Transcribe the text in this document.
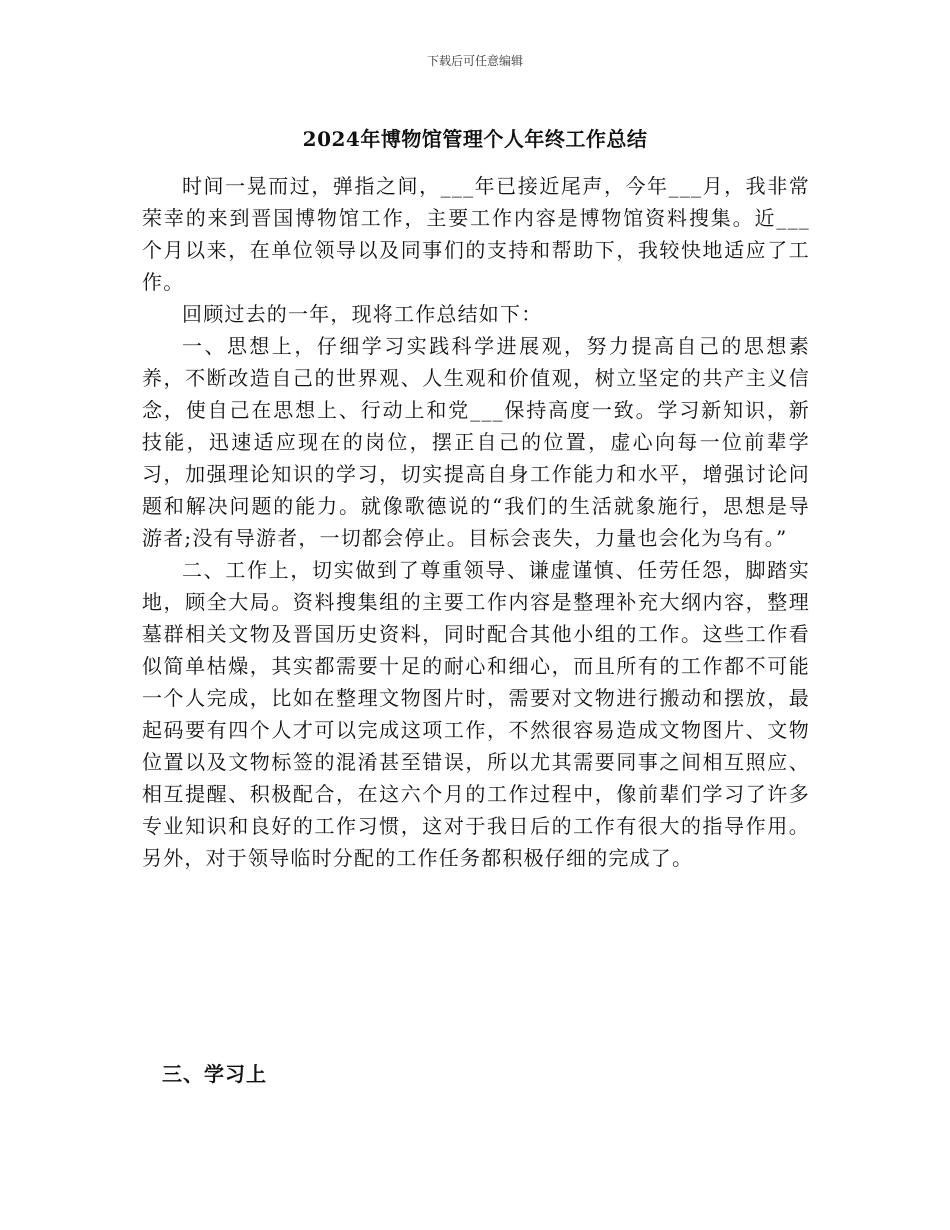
下载后可任意编辑
2024年博物馆管理个人年终工作总结

时间一晃而过，弹指之间，___年已接近尾声，今年___月，我非常荣幸的来到晋国博物馆工作，主要工作内容是博物馆资料搜集。近___个月以来，在单位领导以及同事们的支持和帮助下，我较快地适应了工作。

回顾过去的一年，现将工作总结如下：

一、思想上，仔细学习实践科学进展观，努力提高自己的思想素养，不断改造自己的世界观、人生观和价值观，树立坚定的共产主义信念，使自己在思想上、行动上和党___保持高度一致。学习新知识，新技能，迅速适应现在的岗位，摆正自己的位置，虚心向每一位前辈学习，加强理论知识的学习，切实提高自身工作能力和水平，增强讨论问题和解决问题的能力。就像歌德说的“我们的生活就象施行，思想是导游者;没有导游者，一切都会停止。目标会丧失，力量也会化为乌有。”

二、工作上，切实做到了尊重领导、谦虚谨慎、任劳任怨，脚踏实地，顾全大局。资料搜集组的主要工作内容是整理补充大纲内容，整理墓群相关文物及晋国历史资料，同时配合其他小组的工作。这些工作看似简单枯燥，其实都需要十足的耐心和细心，而且所有的工作都不可能一个人完成，比如在整理文物图片时，需要对文物进行搬动和摆放，最起码要有四个人才可以完成这项工作，不然很容易造成文物图片、文物位置以及文物标签的混淆甚至错误，所以尤其需要同事之间相互照应、相互提醒、积极配合，在这六个月的工作过程中，像前辈们学习了许多专业知识和良好的工作习惯，这对于我日后的工作有很大的指导作用。另外，对于领导临时分配的工作任务都积极仔细的完成了。

三、学习上
